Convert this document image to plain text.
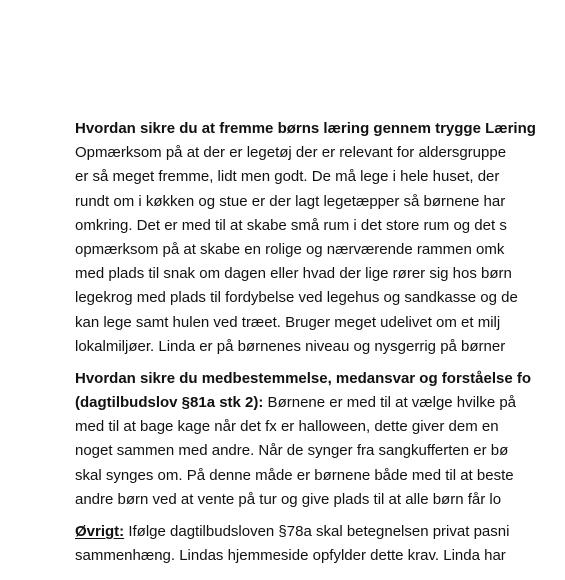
Hvordan sikre du at fremme børns læring gennem trygge Læring
Opmærksom på at der er legetøj der er relevant for aldersgruppe
er så meget fremme, lidt men godt. De må lege i hele huset, der
rundt om i køkken og stue er der lagt legetæpper så børnene har
omkring. Det er med til at skabe små rum i det store rum og det s
opmærksom på at skabe en rolige og nærværende rammen omk
med plads til snak om dagen eller hvad der lige rører sig hos børn
legekrog med plads til fordybelse ved legehus og sandkasse og de
kan lege samt hulen ved træet. Bruger meget udelivet om et milj
lokalmiljøer. Linda er på børnenes niveau og nysgerrig på børner
Hvordan sikre du medbestemmelse, medansvar og forståelse fo
(dagtilbudslov §81a stk 2): Børnene er med til at vælge hvilke på
med til at bage kage når det fx er halloween, dette giver dem en
noget sammen med andre. Når de synger fra sangkufferten er bø
skal synges om. På denne måde er børnene både med til at beste
andre børn ved at vente på tur og give plads til at alle børn får lo
Øvrigt: Ifølge dagtilbudsloven §78a skal betegnelsen privat pasni
sammenhæng. Lindas hjemmeside opfylder dette krav. Linda har
